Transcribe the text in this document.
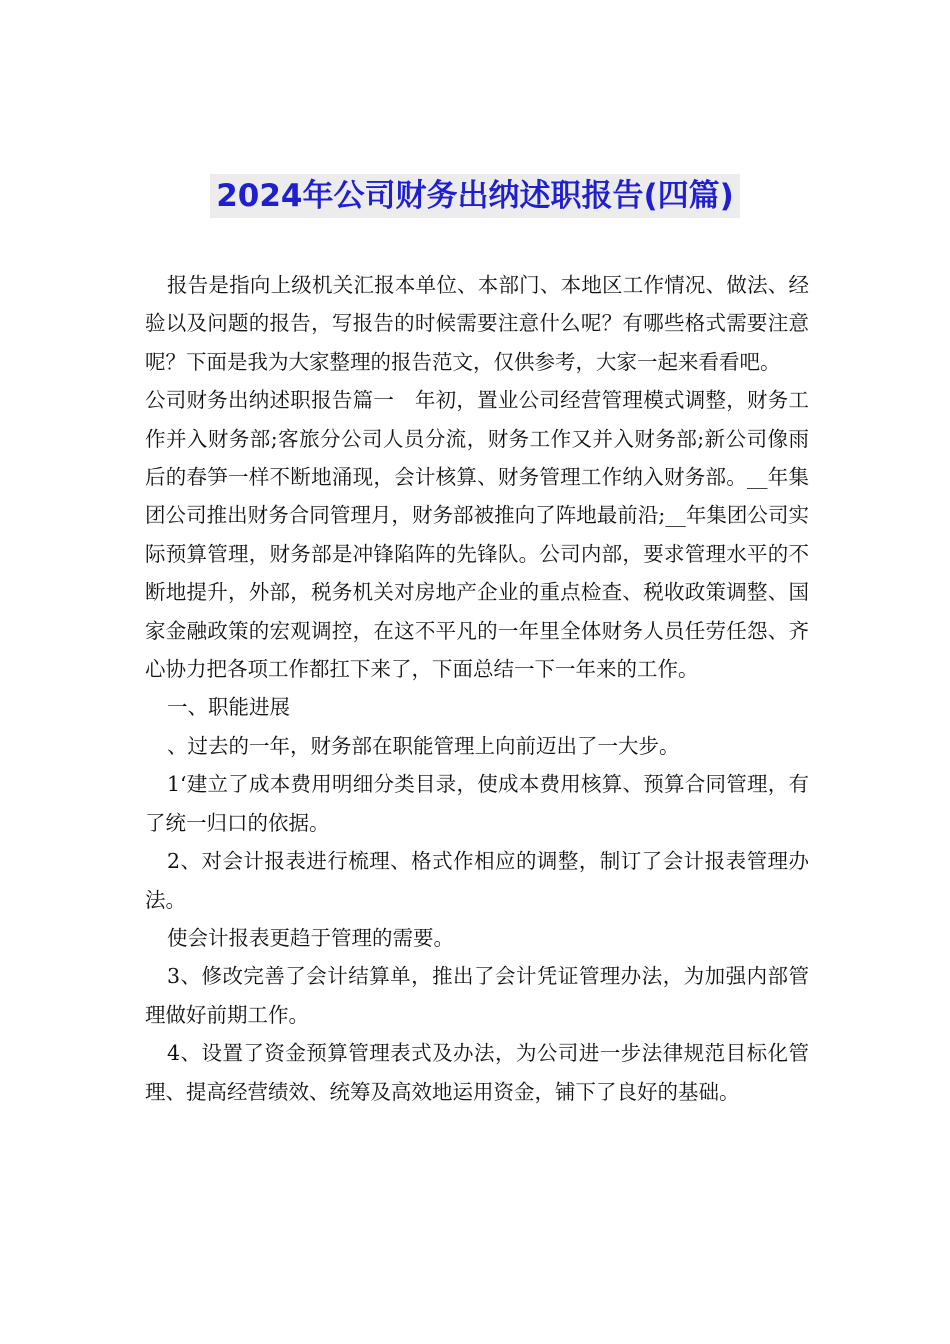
2024年公司财务出纳述职报告(四篇)

报告是指向上级机关汇报本单位、本部门、本地区工作情况、做法、经验以及问题的报告，写报告的时候需要注意什么呢？有哪些格式需要注意呢？下面是我为大家整理的报告范文，仅供参考，大家一起来看看吧。

公司财务出纳述职报告篇一　年初，置业公司经营管理模式调整，财务工作并入财务部;客旅分公司人员分流，财务工作又并入财务部;新公司像雨后的春笋一样不断地涌现，会计核算、财务管理工作纳入财务部。__年集团公司推出财务合同管理月，财务部被推向了阵地最前沿;__年集团公司实际预算管理，财务部是冲锋陷阵的先锋队。公司内部，要求管理水平的不断地提升，外部，税务机关对房地产企业的重点检查、税收政策调整、国家金融政策的宏观调控，在这不平凡的一年里全体财务人员任劳任怨、齐心协力把各项工作都扛下来了，下面总结一下一年来的工作。

一、职能进展

、过去的一年，财务部在职能管理上向前迈出了一大步。

1‘建立了成本费用明细分类目录，使成本费用核算、预算合同管理，有了统一归口的依据。

2、对会计报表进行梳理、格式作相应的调整，制订了会计报表管理办法。

使会计报表更趋于管理的需要。

3、修改完善了会计结算单，推出了会计凭证管理办法，为加强内部管理做好前期工作。

4、设置了资金预算管理表式及办法，为公司进一步法律规范目标化管理、提高经营绩效、统筹及高效地运用资金，铺下了良好的基础。
